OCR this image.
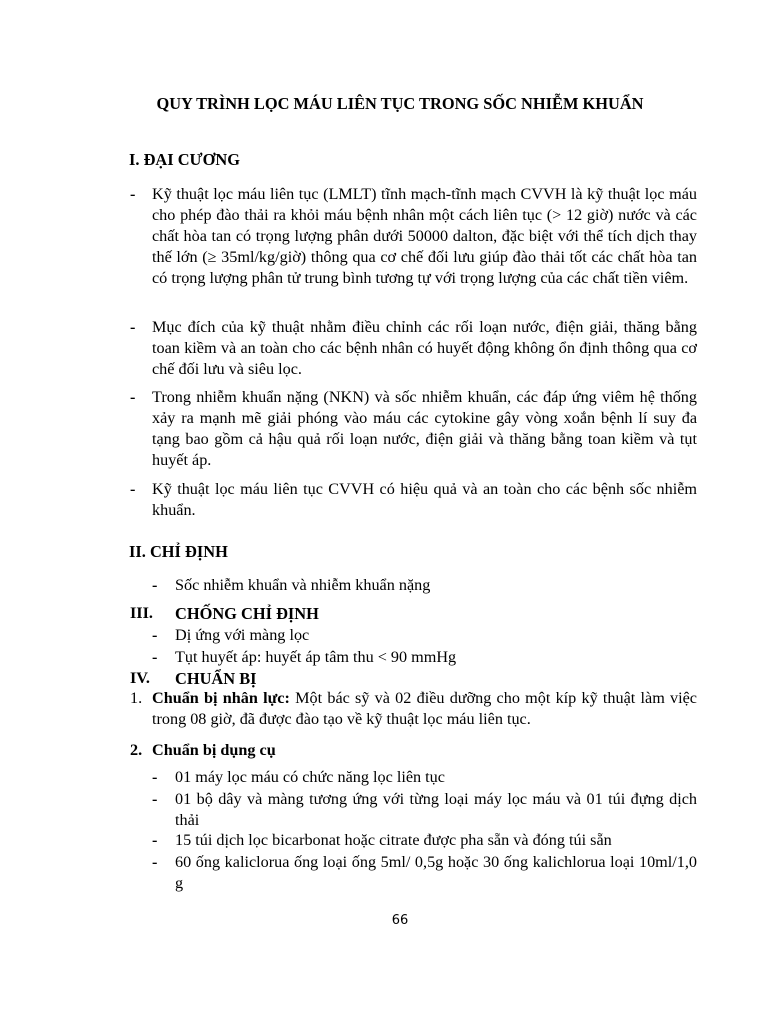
QUY TRÌNH LỌC MÁU LIÊN TỤC TRONG SỐC NHIỄM KHUẨN
I. ĐẠI CƯƠNG
- Kỹ thuật lọc máu liên tục (LMLT) tĩnh mạch-tĩnh mạch CVVH là kỹ thuật lọc máu cho phép đào thải ra khỏi máu bệnh nhân một cách liên tục (> 12 giờ) nước và các chất hòa tan có trọng lượng phân dưới 50000 dalton, đặc biệt với thể tích dịch thay thế lớn (≥ 35ml/kg/giờ) thông qua cơ chế đối lưu giúp đào thải tốt các chất hòa tan có trọng lượng phân tử trung bình tương tự với trọng lượng của các chất tiền viêm.
- Mục đích của kỹ thuật nhằm điều chỉnh các rối loạn nước, điện giải, thăng bằng toan kiềm và an toàn cho các bệnh nhân có huyết động không ổn định thông qua cơ chế đối lưu và siêu lọc.
- Trong nhiễm khuẩn nặng (NKN) và sốc nhiễm khuẩn, các đáp ứng viêm hệ thống xảy ra mạnh mẽ giải phóng vào máu các cytokine gây vòng xoắn bệnh lí suy đa tạng bao gồm cả hậu quả rối loạn nước, điện giải và thăng bằng toan kiềm và tụt huyết áp.
- Kỹ thuật lọc máu liên tục CVVH có hiệu quả và an toàn cho các bệnh sốc nhiễm khuẩn.
II. CHỈ ĐỊNH
- Sốc nhiễm khuẩn và nhiễm khuẩn nặng
III. CHỐNG CHỈ ĐỊNH
- Dị ứng với màng lọc
- Tụt huyết áp: huyết áp tâm thu < 90 mmHg
IV. CHUẨN BỊ
1. Chuẩn bị nhân lực: Một bác sỹ và 02 điều dưỡng cho một kíp kỹ thuật làm việc trong 08 giờ, đã được đào tạo về kỹ thuật lọc máu liên tục.
2. Chuẩn bị dụng cụ
- 01 máy lọc máu có chức năng lọc liên tục
- 01 bộ dây và màng tương ứng với từng loại máy lọc máu và 01 túi đựng dịch thải
- 15 túi dịch lọc bicarbonat hoặc citrate được pha sẵn và đóng túi sẵn
- 60 ống kaliclorua ống loại ống 5ml/ 0,5g hoặc 30 ống kalichlorua loại 10ml/1,0 g
66
